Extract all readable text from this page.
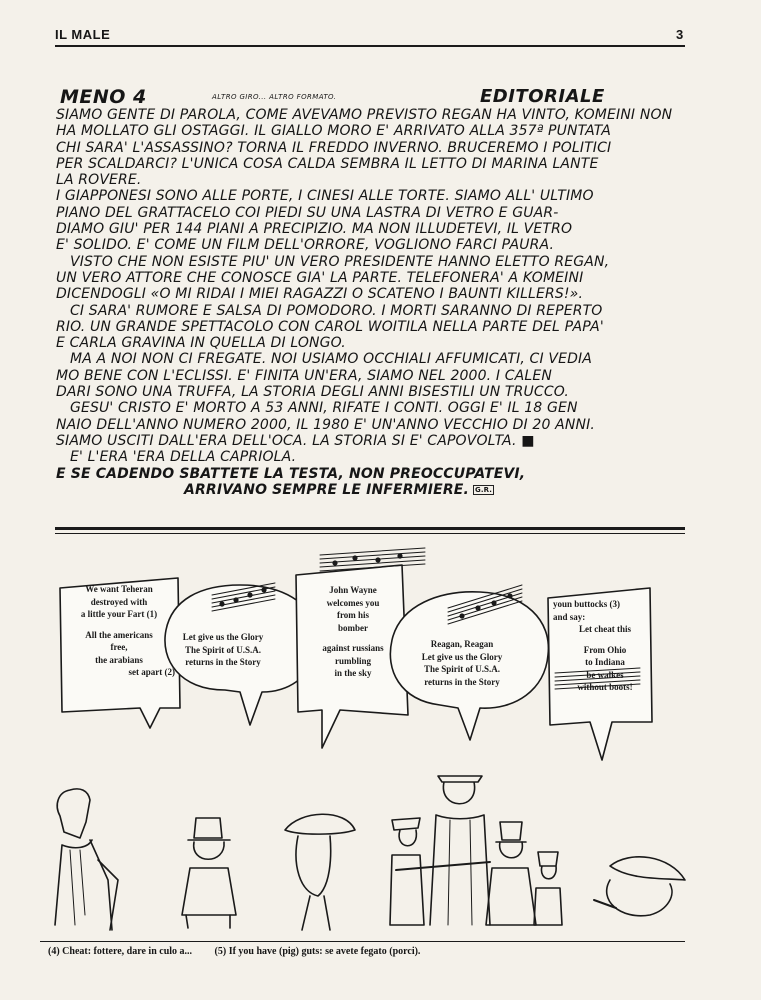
IL MALE	3
MENO 4	ALTRO GIRO... ALTRO FORMATO.	EDITORIALE
SIAMO GENTE DI PAROLA, COME AVEVAMO PREVISTO REGAN HA VINTO, KOMEINI NON
HA MOLLATO GLI OSTAGGI. IL GIALLO MORO E' ARRIVATO ALLA 357ª PUNTATA
CHI SARA' L'ASSASSINO? TORNA IL FREDDO INVERNO. BRUCEREMO I POLITICI
PER SCALDARCI? L'UNICA COSA CALDA SEMBRA IL LETTO DI MARINA LANTE
LA ROVERE.
I GIAPPONESI SONO ALLE PORTE, I CINESI ALLE TORTE. SIAMO ALL' ULTIMO
PIANO DEL GRATTACELO COI PIEDI SU UNA LASTRA DI VETRO E GUAR-
DIAMO GIU' PER 144 PIANI A PRECIPIZIO. MA NON ILLUDETEVI, IL VETRO
E' SOLIDO. E' COME UN FILM DELL'ORRORE, VOGLIONO FARCI PAURA.
VISTO CHE NON ESISTE PIU' UN VERO PRESIDENTE HANNO ELETTO REGAN,
UN VERO ATTORE CHE CONOSCE GIA' LA PARTE. TELEFONERA' A KOMEINI
DICENDOGLI «O MI RIDAI I MIEI RAGAZZI O SCATENO I BAUNTI KILLERS!».
CI SARA' RUMORE E SALSA DI POMODORO. I MORTI SARANNO DI REPERTO
RIO. UN GRANDE SPETTACOLO CON CAROL WOITILA NELLA PARTE DEL PAPA'
E CARLA GRAVINA IN QUELLA DI LONGO.
MA A NOI NON CI FREGATE. NOI USIAMO OCCHIALI AFFUMICATI, CI VEDIA
MO BENE CON L'ECLISSI. E' FINITA UN'ERA, SIAMO NEL 2000. I CALEN
DARI SONO UNA TRUFFA, LA STORIA DEGLI ANNI BISESTILI UN TRUCCO.
GESU' CRISTO E' MORTO A 53 ANNI, RIFATE I CONTI. OGGI E' IL 18 GEN
NAIO DELL'ANNO NUMERO 2000, IL 1980 E' UN'ANNO VECCHIO DI 20 ANNI.
SIAMO USCITI DALL'ERA DELL'OCA. LA STORIA SI E' CAPOVOLTA. ■
E' L'ERA 'ERA DELLA CAPRIOLA.
E SE CADENDO SBATTETE LA TESTA, NON PREOCCUPATEVI,
ARRIVANO SEMPRE LE INFERMIERE. G.R.
We want Teheran
destroyed with
a little your Fart (1)
All the americans
free,
the arabians
set apart (2)
Let give us the Glory
The Spirit of U.S.A.
returns in the Story
John Wayne
welcomes you
from his
bomber
against russians
rumbling
in the sky
Reagan, Reagan
Let give us the Glory
The Spirit of U.S.A.
returns in the Story
youn buttocks (3)
and say:
Let cheat this
From Ohio
to Indiana
be walkes
without boots!
(4) Cheat: fottere, dare in culo a... (5) If you have (pig) guts: se avete fegato (porci).
